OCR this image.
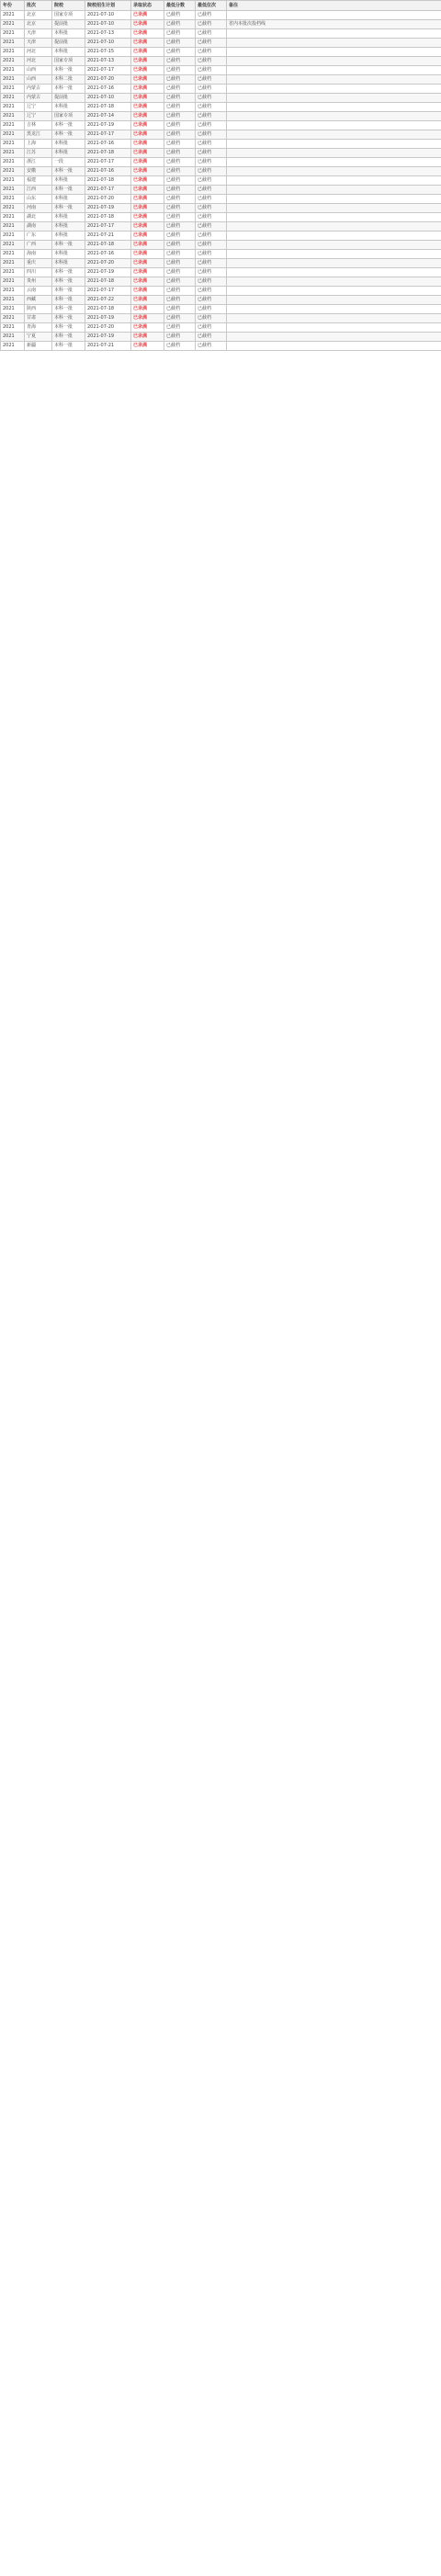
年份	批次	院校	院校招生计划	录取状态	最低分数	最低位次	备注
2021	北京	国家专项	2021-07-10	已录满	已截档	已截档	
2021	北京	提前批	2021-07-10	已录满	已截档	已截档	省内本批次投档线
2021	天津	本科批	2021-07-13	已录满	已截档	已截档	
2021	天津	提前批	2021-07-10	已录满	已截档	已截档	
2021	河北	本科批	2021-07-15	已录满	已截档	已截档	
2021	河北	国家专项	2021-07-13	已录满	已截档	已截档	
2021	山西	本科一批	2021-07-17	已录满	已截档	已截档	
2021	山西	本科二批	2021-07-20	已录满	已截档	已截档	
2021	内蒙古	本科一批	2021-07-16	已录满	已截档	已截档	
2021	内蒙古	提前批	2021-07-10	已录满	已截档	已截档	
2021	辽宁	本科批	2021-07-18	已录满	已截档	已截档	
2021	辽宁	国家专项	2021-07-14	已录满	已截档	已截档	
2021	吉林	本科一批	2021-07-19	已录满	已截档	已截档	
2021	黑龙江	本科一批	2021-07-17	已录满	已截档	已截档	
2021	上海	本科批	2021-07-16	已录满	已截档	已截档	
2021	江苏	本科批	2021-07-18	已录满	已截档	已截档	
2021	浙江	一段	2021-07-17	已录满	已截档	已截档	
2021	安徽	本科一批	2021-07-16	已录满	已截档	已截档	
2021	福建	本科批	2021-07-18	已录满	已截档	已截档	
2021	江西	本科一批	2021-07-17	已录满	已截档	已截档	
2021	山东	本科批	2021-07-20	已录满	已截档	已截档	
2021	河南	本科一批	2021-07-19	已录满	已截档	已截档	
2021	湖北	本科批	2021-07-18	已录满	已截档	已截档	
2021	湖南	本科批	2021-07-17	已录满	已截档	已截档	
2021	广东	本科批	2021-07-21	已录满	已截档	已截档	
2021	广西	本科一批	2021-07-18	已录满	已截档	已截档	
2021	海南	本科批	2021-07-16	已录满	已截档	已截档	
2021	重庆	本科批	2021-07-20	已录满	已截档	已截档	
2021	四川	本科一批	2021-07-19	已录满	已截档	已截档	
2021	贵州	本科一批	2021-07-18	已录满	已截档	已截档	
2021	云南	本科一批	2021-07-17	已录满	已截档	已截档	
2021	西藏	本科一批	2021-07-22	已录满	已截档	已截档	
2021	陕西	本科一批	2021-07-18	已录满	已截档	已截档	
2021	甘肃	本科一批	2021-07-19	已录满	已截档	已截档	
2021	青海	本科一批	2021-07-20	已录满	已截档	已截档	
2021	宁夏	本科一批	2021-07-19	已录满	已截档	已截档	
2021	新疆	本科一批	2021-07-21	已录满	已截档	已截档	
